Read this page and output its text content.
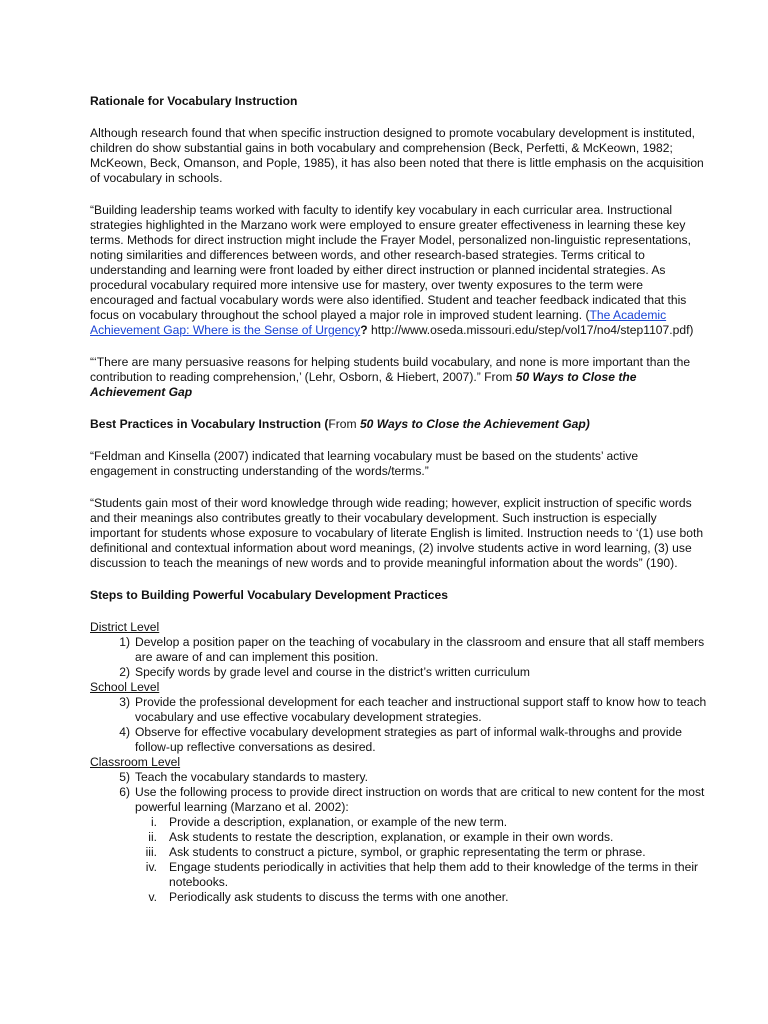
Rationale for Vocabulary Instruction

Although research found that when specific instruction designed to promote vocabulary development is instituted, children do show substantial gains in both vocabulary and comprehension (Beck, Perfetti, & McKeown, 1982; McKeown, Beck, Omanson, and Pople, 1985), it has also been noted that there is little emphasis on the acquisition of vocabulary in schools.

“Building leadership teams worked with faculty to identify key vocabulary in each curricular area. Instructional strategies highlighted in the Marzano work were employed to ensure greater effectiveness in learning these key terms. Methods for direct instruction might include the Frayer Model, personalized non-linguistic representations, noting similarities and differences between words, and other research-based strategies. Terms critical to understanding and learning were front loaded by either direct instruction or planned incidental strategies. As procedural vocabulary required more intensive use for mastery, over twenty exposures to the term were encouraged and factual vocabulary words were also identified. Student and teacher feedback indicated that this focus on vocabulary throughout the school played a major role in improved student learning. (The Academic Achievement Gap: Where is the Sense of Urgency? http://www.oseda.missouri.edu/step/vol17/no4/step1107.pdf)

“‘There are many persuasive reasons for helping students build vocabulary, and none is more important than the contribution to reading comprehension,’ (Lehr, Osborn, & Hiebert, 2007).” From 50 Ways to Close the Achievement Gap

Best Practices in Vocabulary Instruction (From 50 Ways to Close the Achievement Gap)

“Feldman and Kinsella (2007) indicated that learning vocabulary must be based on the students’ active engagement in constructing understanding of the words/terms.”

“Students gain most of their word knowledge through wide reading; however, explicit instruction of specific words and their meanings also contributes greatly to their vocabulary development. Such instruction is especially important for students whose exposure to vocabulary of literate English is limited. Instruction needs to ‘(1) use both definitional and contextual information about word meanings, (2) involve students active in word learning, (3) use discussion to teach the meanings of new words and to provide meaningful information about the words” (190).

Steps to Building Powerful Vocabulary Development Practices
District Level
1) Develop a position paper on the teaching of vocabulary in the classroom and ensure that all staff members are aware of and can implement this position.
2) Specify words by grade level and course in the district’s written curriculum
School Level
3) Provide the professional development for each teacher and instructional support staff to know how to teach vocabulary and use effective vocabulary development strategies.
4) Observe for effective vocabulary development strategies as part of informal walk-throughs and provide follow-up reflective conversations as desired.
Classroom Level
5) Teach the vocabulary standards to mastery.
6) Use the following process to provide direct instruction on words that are critical to new content for the most powerful learning (Marzano et al. 2002):
i. Provide a description, explanation, or example of the new term.
ii. Ask students to restate the description, explanation, or example in their own words.
iii. Ask students to construct a picture, symbol, or graphic representating the term or phrase.
iv. Engage students periodically in activities that help them add to their knowledge of the terms in their notebooks.
v. Periodically ask students to discuss the terms with one another.
